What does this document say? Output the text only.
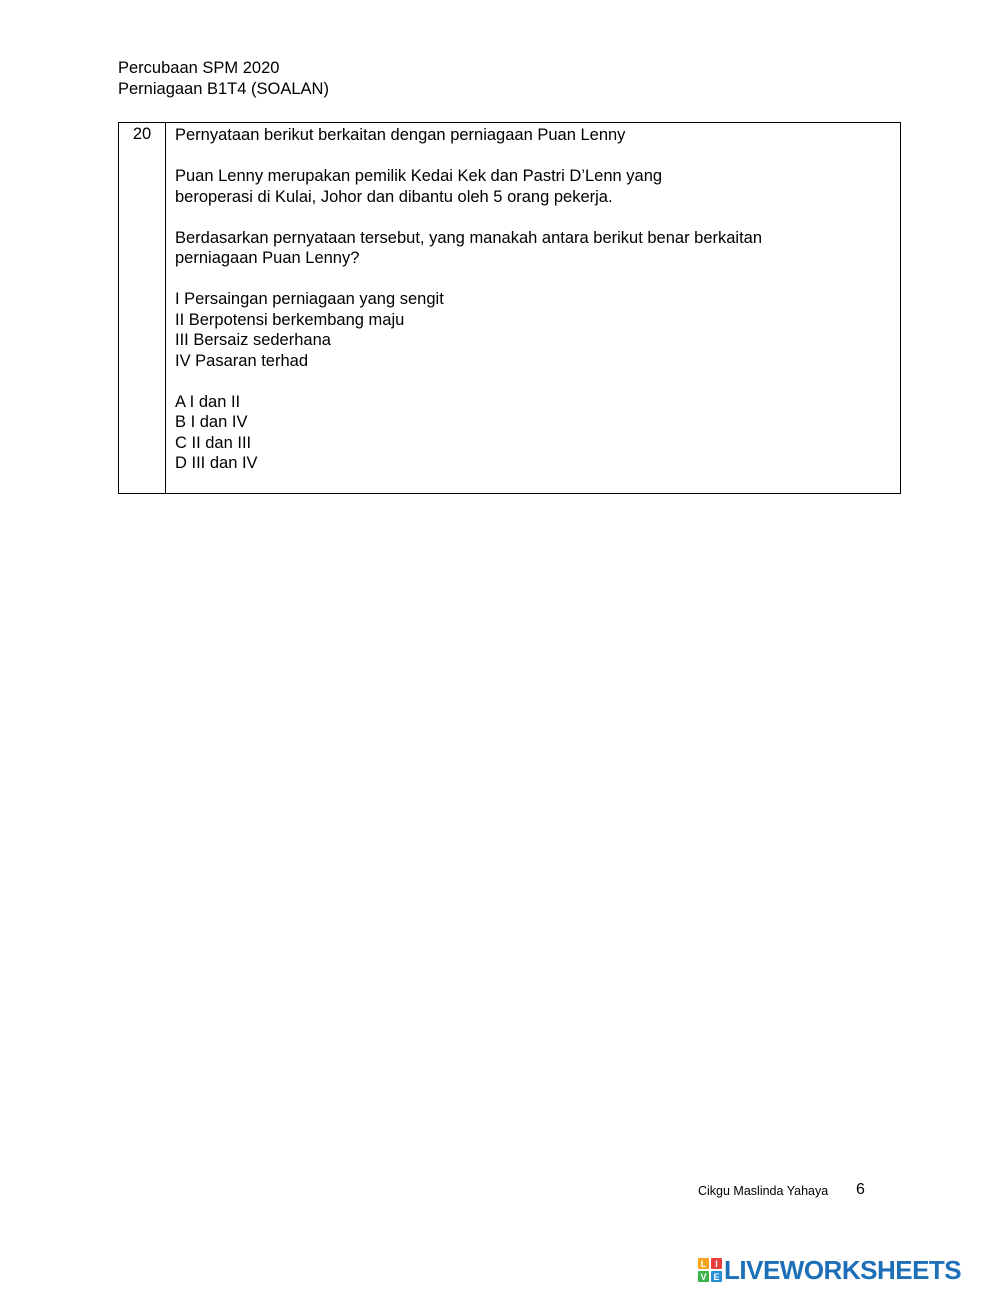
Percubaan SPM 2020
Perniagaan B1T4 (SOALAN)
20	Pernyataan berikut berkaitan dengan perniagaan Puan Lenny

Puan Lenny merupakan pemilik Kedai Kek dan Pastri D’Lenn yang
beroperasi di Kulai, Johor dan dibantu oleh 5 orang pekerja.

Berdasarkan pernyataan tersebut, yang manakah antara berikut benar berkaitan
perniagaan Puan Lenny?

I Persaingan perniagaan yang sengit
II Berpotensi berkembang maju
III Bersaiz sederhana
IV Pasaran terhad

A I dan II
B I dan IV
C II dan III
D III dan IV

Cikgu Maslinda Yahaya 6
L I
V E LIVEWORKSHEETS
